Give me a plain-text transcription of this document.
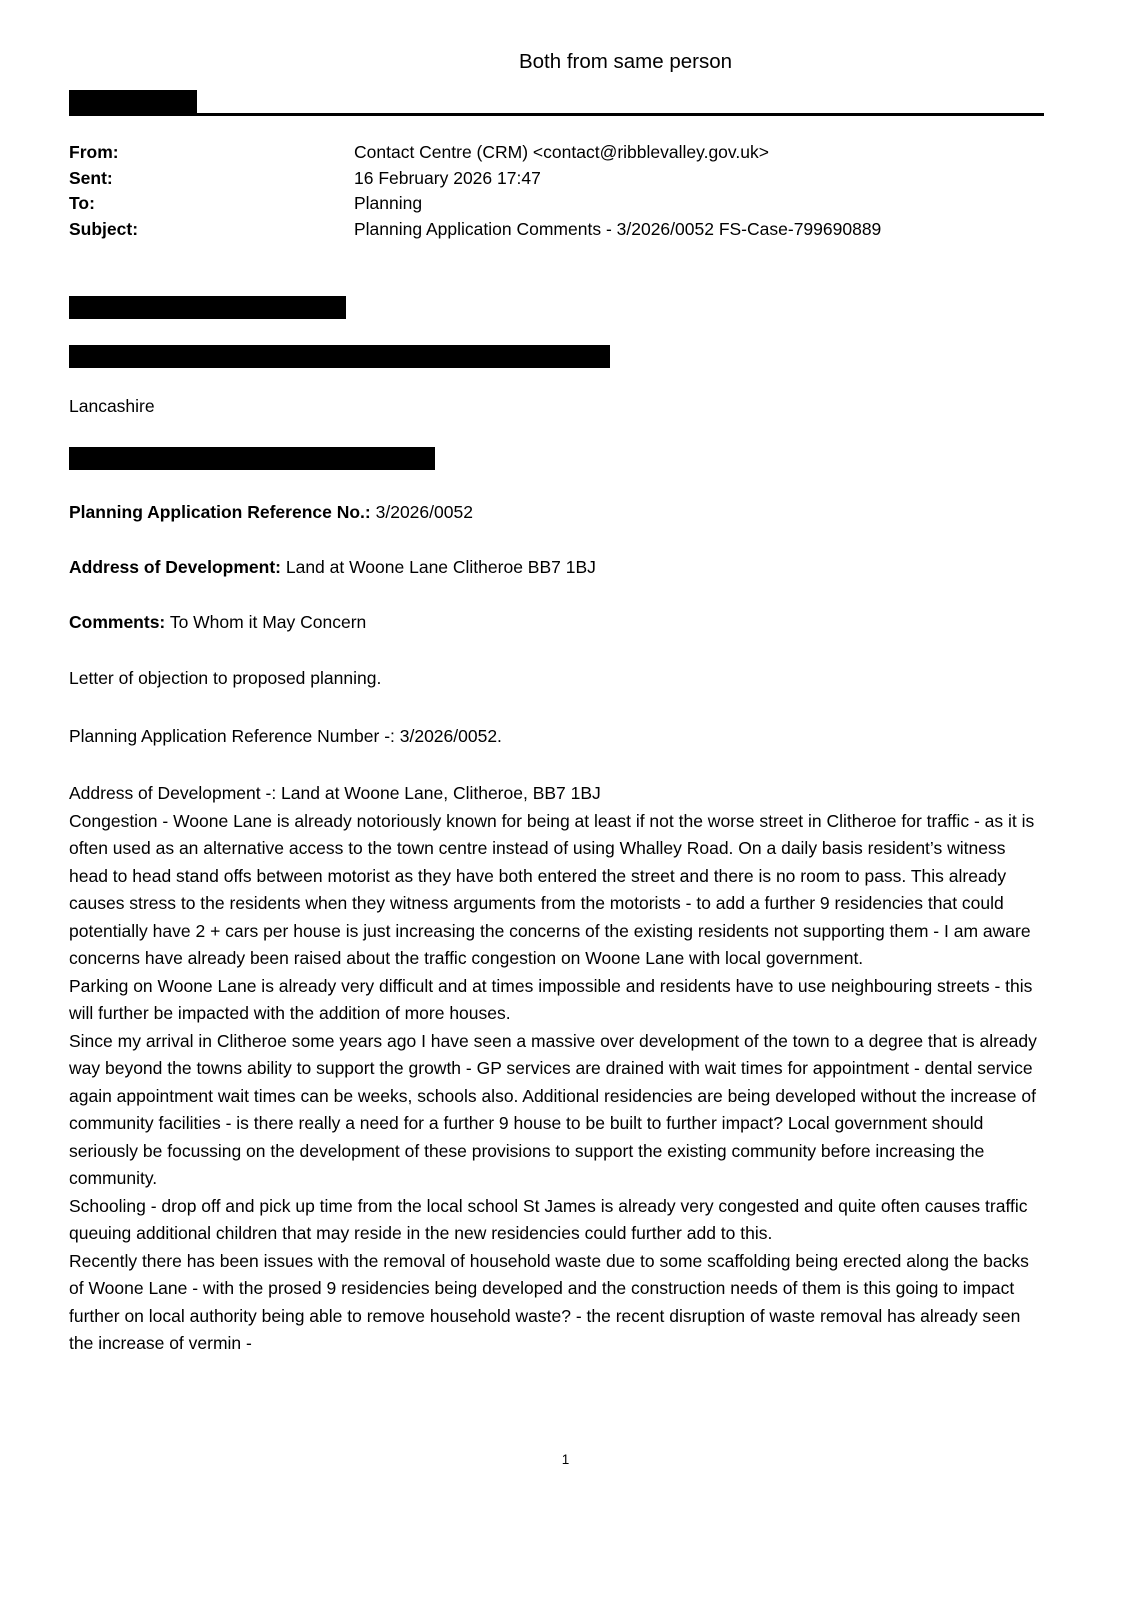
Both from same person
From:	Contact Centre (CRM) <contact@ribblevalley.gov.uk>
Sent:	16 February 2026 17:47
To:	Planning
Subject:	Planning Application Comments - 3/2026/0052 FS-Case-799690889
Lancashire
Planning Application Reference No.: 3/2026/0052
Address of Development: Land at Woone Lane Clitheroe BB7 1BJ
Comments: To Whom it May Concern

Letter of objection to proposed planning.

Planning Application Reference Number -: 3/2026/0052.

Address of Development -: Land at Woone Lane, Clitheroe, BB7 1BJ
Congestion - Woone Lane is already notoriously known for being at least if not the worse street in Clitheroe for traffic - as it is often used as an alternative access to the town centre instead of using Whalley Road. On a daily basis resident’s witness head to head stand offs between motorist as they have both entered the street and there is no room to pass. This already causes stress to the residents when they witness arguments from the motorists - to add a further 9 residencies that could potentially have 2 + cars per house is just increasing the concerns of the existing residents not supporting them - I am aware concerns have already been raised about the traffic congestion on Woone Lane with local government.
Parking on Woone Lane is already very difficult and at times impossible and residents have to use neighbouring streets - this will further be impacted with the addition of more houses.
Since my arrival in Clitheroe some years ago I have seen a massive over development of the town to a degree that is already way beyond the towns ability to support the growth - GP services are drained with wait times for appointment - dental service again appointment wait times can be weeks, schools also. Additional residencies are being developed without the increase of community facilities - is there really a need for a further 9 house to be built to further impact? Local government should seriously be focussing on the development of these provisions to support the existing community before increasing the community.
Schooling - drop off and pick up time from the local school St James is already very congested and quite often causes traffic queuing additional children that may reside in the new residencies could further add to this.
Recently there has been issues with the removal of household waste due to some scaffolding being erected along the backs of Woone Lane - with the prosed 9 residencies being developed and the construction needs of them is this going to impact further on local authority being able to remove household waste? - the recent disruption of waste removal has already seen the increase of vermin -

1
